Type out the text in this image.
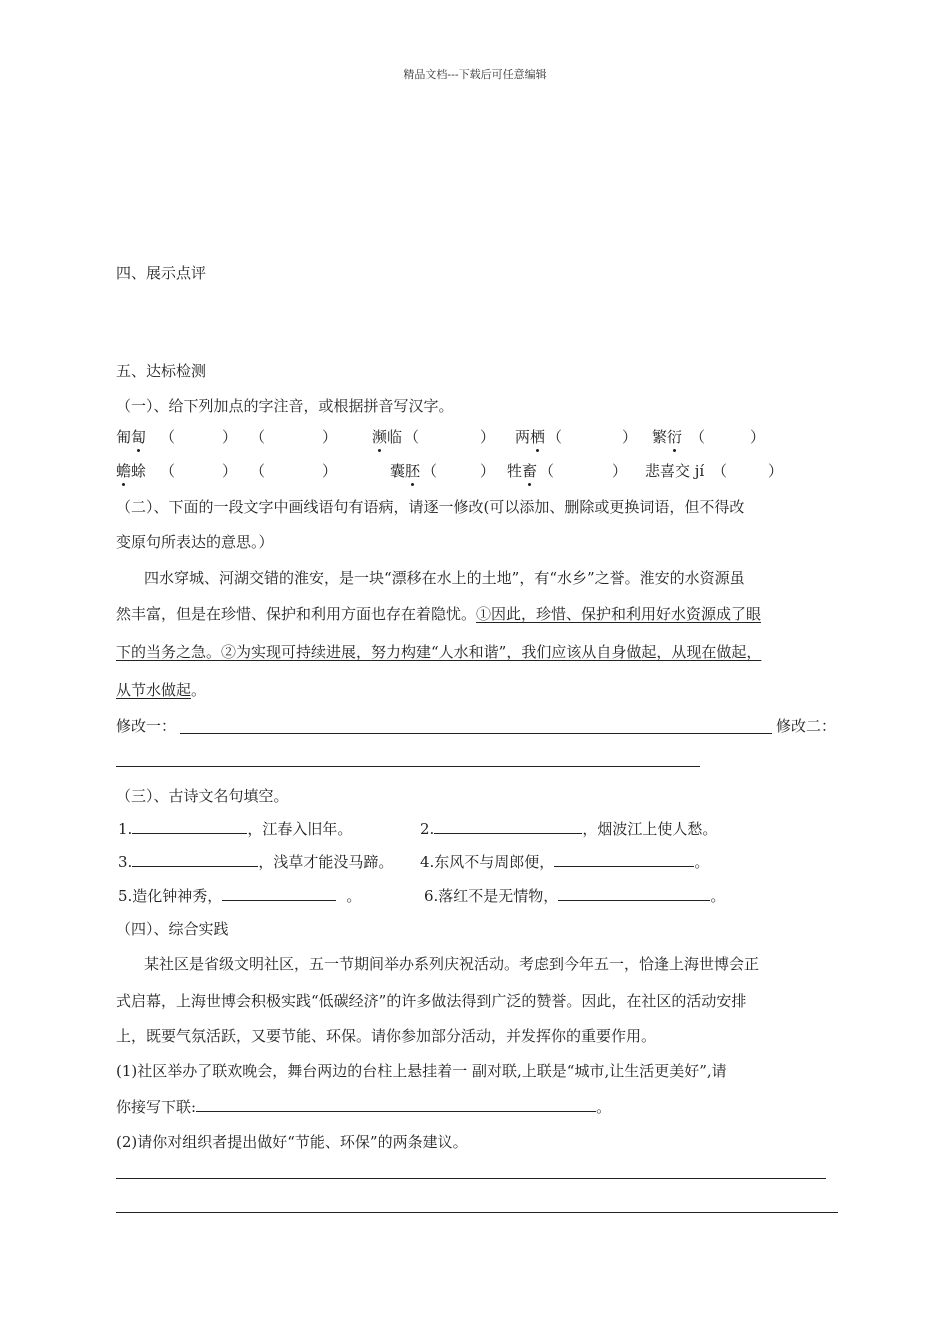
精品文档---下载后可任意编辑
四、展示点评
五、达标检测
（一）、给下列加点的字注音，或根据拼音写汉字。
匍匐 （	） （	） 濒临 （	） 两栖 （	） 繁衍 （	）
蟾蜍 （	） （	）	囊胚 （	） 牲畜 （	） 悲喜交 jí （	）
（二）、下面的一段文字中画线语句有语病，请逐一修改(可以添加、删除或更换词语，但不得改
变原句所表达的意思。）
四水穿城、河湖交错的淮安，是一块“漂移在水上的土地”，有“水乡”之誉。淮安的水资源虽
然丰富，但是在珍惜、保护和利用方面也存在着隐忧。①因此，珍惜、保护和利用好水资源成了眼
下的当务之急。②为实现可持续进展，努力构建“人水和谐”，我们应该从自身做起，从现在做起，
从节水做起。
修改一：	修改二：
（三）、古诗文名句填空。
1.	，江春入旧年。	2.	，烟波江上使人愁。
3.	，浅草才能没马蹄。 4.东风不与周郎便，	。
5.造化钟神秀，	。	6.落红不是无情物，	。
（四）、综合实践
某社区是省级文明社区，五一节期间举办系列庆祝活动。考虑到今年五一，恰逢上海世博会正
式启幕，上海世博会积极实践“低碳经济”的许多做法得到广泛的赞誉。因此，在社区的活动安排
上，既要气氛活跃，又要节能、环保。请你参加部分活动，并发挥你的重要作用。
(1)社区举办了联欢晚会，舞台两边的台柱上悬挂着一 副对联,上联是“城市,让生活更美好”,请
你接写下联:	。
(2)请你对组织者提出做好“节能、环保”的两条建议。
